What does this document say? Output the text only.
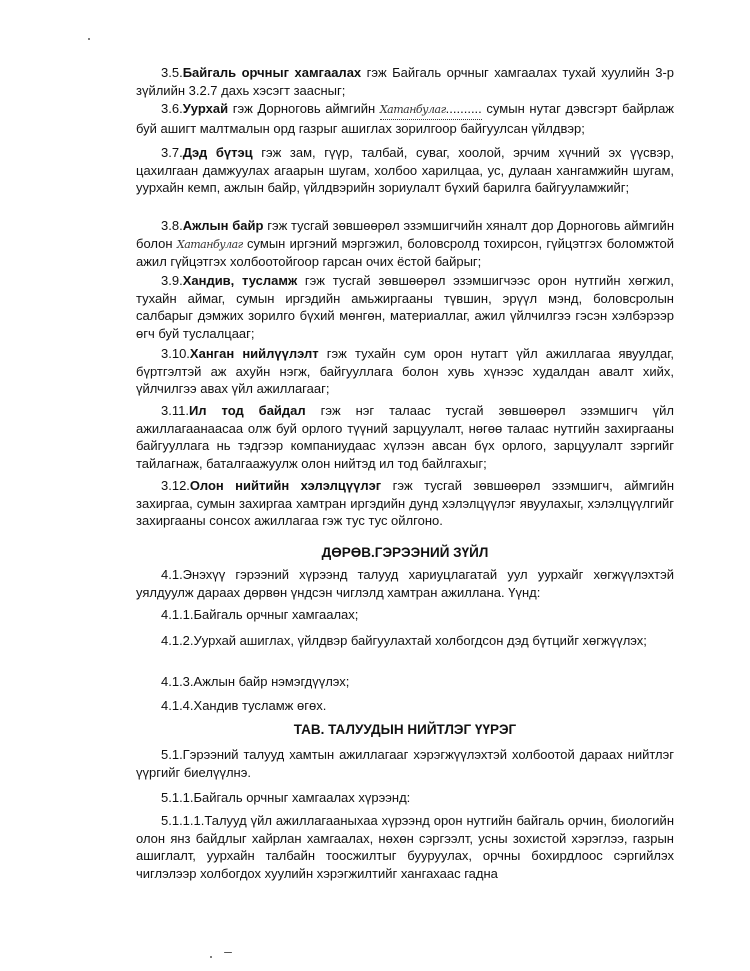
3.5.Байгаль орчныг хамгаалах гэж Байгаль орчныг хамгаалах тухай хуулийн 3-р зүйлийн 3.2.7 дахь хэсэгт заасныг;

3.6.Уурхай гэж Дорноговь аймгийн Хатанбулаг.......... сумын нутаг дэвсгэрт байрлаж буй ашигт малтмалын орд газрыг ашиглах зорилгоор байгуулсан үйлдвэр;

3.7.Дэд бүтэц гэж зам, гүүр, талбай, суваг, хоолой, эрчим хүчний эх үүсвэр, цахилгаан дамжуулах агаарын шугам, холбоо харилцаа, ус, дулаан хангамжийн шугам, уурхайн кемп, ажлын байр, үйлдвэрийн зориулалт бүхий барилга байгууламжийг;

3.8.Ажлын байр гэж тусгай зөвшөөрөл эзэмшигчийн хяналт дор Дорноговь аймгийн болон Хатанбулаг сумын иргэний мэргэжил, боловсролд тохирсон, гүйцэтгэх боломжтой ажил гүйцэтгэх холбоотойгоор гарсан очих ёстой байрыг;

3.9.Хандив, тусламж гэж тусгай зөвшөөрөл эзэмшигчээс орон нутгийн хөгжил, тухайн аймаг, сумын иргэдийн амьжиргааны түвшин, эрүүл мэнд, боловсролын салбарыг дэмжих зорилго бүхий мөнгөн, материаллаг, ажил үйлчилгээ гэсэн хэлбэрээр өгч буй туслалцааг;

3.10.Ханган нийлүүлэлт гэж тухайн сум орон нутагт үйл ажиллагаа явуулдаг, бүртгэлтэй аж ахуйн нэгж, байгууллага болон хувь хүнээс худалдан авалт хийх, үйлчилгээ авах үйл ажиллагааг;

3.11.Ил тод байдал гэж нэг талаас тусгай зөвшөөрөл эзэмшигч үйл ажиллагаанаасаа олж буй орлого түүний зарцуулалт, нөгөө талаас нутгийн захиргааны байгууллага нь тэдгээр компаниудаас хүлээн авсан бүх орлого, зарцуулалт зэргийг тайлагнаж, баталгаажуулж олон нийтэд ил тод байлгахыг;

3.12.Олон нийтийн хэлэлцүүлэг гэж тусгай зөвшөөрөл эзэмшигч, аймгийн захиргаа, сумын захиргаа хамтран иргэдийн дунд хэлэлцүүлэг явуулахыг, хэлэлцүүлгийг захиргааны сонсох ажиллагаа гэж тус тус ойлгоно.

ДӨРӨВ.ГЭРЭЭНИЙ ЗҮЙЛ

4.1.Энэхүү гэрээний хүрээнд талууд хариуцлагатай уул уурхайг хөгжүүлэхтэй уялдуулж дараах дөрвөн үндсэн чиглэлд хамтран ажиллана. Үүнд:

4.1.1.Байгаль орчныг хамгаалах;

4.1.2.Уурхай ашиглах, үйлдвэр байгуулахтай холбогдсон дэд бүтцийг хөгжүүлэх;

4.1.3.Ажлын байр нэмэгдүүлэх;

4.1.4.Хандив тусламж өгөх.

ТАВ. ТАЛУУДЫН НИЙТЛЭГ ҮҮРЭГ

5.1.Гэрээний талууд хамтын ажиллагааг хэрэгжүүлэхтэй холбоотой дараах нийтлэг үүргийг биелүүлнэ.

5.1.1.Байгаль орчныг хамгаалах хүрээнд:

5.1.1.1.Талууд үйл ажиллагааныхаа хүрээнд орон нутгийн байгаль орчин, биологийн олон янз байдлыг хайрлан хамгаалах, нөхөн сэргээлт, усны зохистой хэрэглээ, газрын ашиглалт, уурхайн талбайн тоосжилтыг бууруулах, орчны бохирдлоос сэргийлэх чиглэлээр холбогдох хуулийн хэрэгжилтийг хангахаас гадна
